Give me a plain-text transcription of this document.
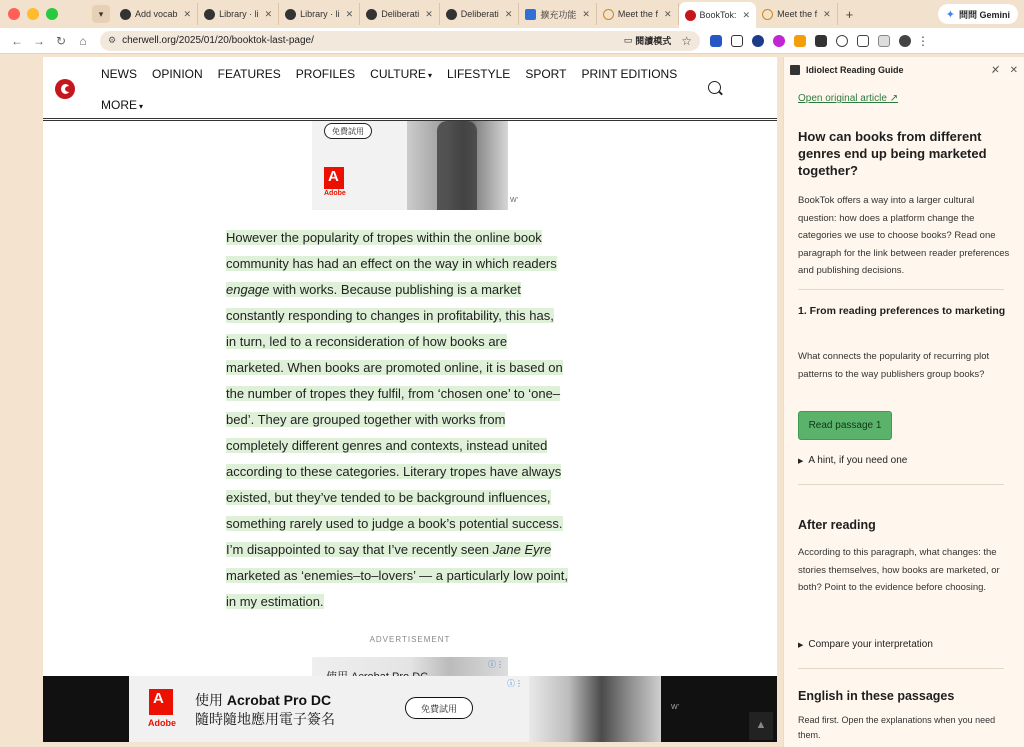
▾	Add vocab ✕	Library · li ✕	Library · li ✕	Deliberati ✕	Deliberati ✕	擴充功能 ✕	Meet the f ✕	BookTok: ✕	Meet the f ✕	+	✦ 問問 Gemini
← → ↻	⌂	⚙ cherwell.org/2025/01/20/booktok-last-page/	▭ 閱讀模式 ☆	⋮
NEWS OPINION FEATURES PROFILES CULTURE ▾ LIFESTYLE SPORT PRINT EDITIONS
MORE ▾
免費試用
A
Adobe
W'
However the popularity of tropes within the online book
community has had an effect on the way in which readers
engage with works. Because publishing is a market
constantly responding to changes in profitability, this has,
in turn, led to a reconsideration of how books are
marketed. When books are promoted online, it is based on
the number of tropes they fulfil, from ‘chosen one’ to ‘one–
bed’. They are grouped together with works from
completely different genres and contexts, instead united
according to these categories. Literary tropes have always
existed, but they’ve tended to be background influences,
something rarely used to judge a book’s potential success.
I’m disappointed to say that I’ve recently seen Jane Eyre
marketed as ‘enemies–to–lovers’ — a particularly low point,
in my estimation.

ADVERTISEMENT
ⓘ⋮
A
Adobe
使用 Acrobat Pro DC
隨時隨地應用電子簽名
免費試用
ⓘ⋮
W'
▲
Idiolect Reading Guide	✕̸ ✕
Open original article ↗
How can books from different genres end up being marketed together?
BookTok offers a way into a larger cultural question: how does a platform change the categories we use to choose books? Read one paragraph for the link between reader preferences and publishing decisions.
1. From reading preferences to marketing
What connects the popularity of recurring plot patterns to the way publishers group books?
Read passage 1
▶ A hint, if you need one
After reading
According to this paragraph, what changes: the stories themselves, how books are marketed, or both? Point to the evidence before choosing.
▶ Compare your interpretation
English in these passages
Read first. Open the explanations when you need them.
